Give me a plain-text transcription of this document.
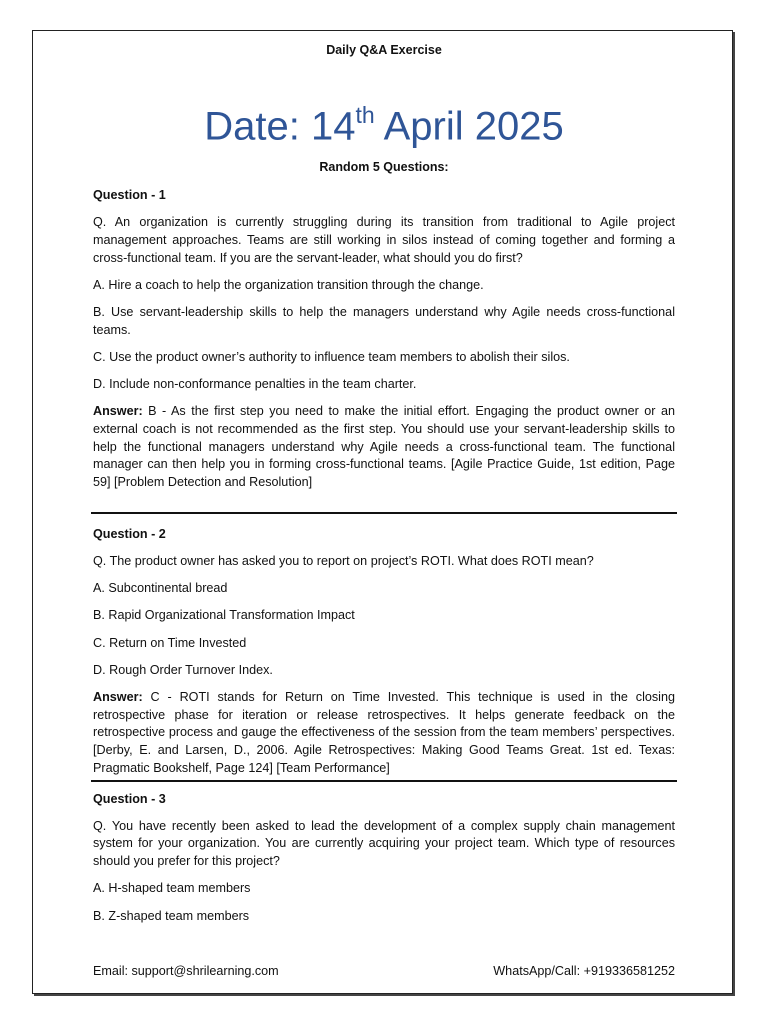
Daily Q&A Exercise
Date: 14th April 2025
Random 5 Questions:
Question - 1

Q. An organization is currently struggling during its transition from traditional to Agile project management approaches. Teams are still working in silos instead of coming together and forming a cross-functional team. If you are the servant-leader, what should you do first?

A. Hire a coach to help the organization transition through the change.

B. Use servant-leadership skills to help the managers understand why Agile needs cross-functional teams.

C. Use the product owner’s authority to influence team members to abolish their silos.

D. Include non-conformance penalties in the team charter.

Answer: B - As the first step you need to make the initial effort. Engaging the product owner or an external coach is not recommended as the first step. You should use your servant-leadership skills to help the functional managers understand why Agile needs a cross-functional team. The functional manager can then help you in forming cross-functional teams. [Agile Practice Guide, 1st edition, Page 59] [Problem Detection and Resolution]

Question - 2

Q. The product owner has asked you to report on project’s ROTI. What does ROTI mean?

A. Subcontinental bread

B. Rapid Organizational Transformation Impact

C. Return on Time Invested

D. Rough Order Turnover Index.

Answer: C - ROTI stands for Return on Time Invested. This technique is used in the closing retrospective phase for iteration or release retrospectives. It helps generate feedback on the retrospective process and gauge the effectiveness of the session from the team members’ perspectives. [Derby, E. and Larsen, D., 2006. Agile Retrospectives: Making Good Teams Great. 1st ed. Texas: Pragmatic Bookshelf, Page 124] [Team Performance]

Question - 3

Q. You have recently been asked to lead the development of a complex supply chain management system for your organization. You are currently acquiring your project team. Which type of resources should you prefer for this project?

A. H-shaped team members

B. Z-shaped team members

Email: support@shrilearning.com	WhatsApp/Call: +919336581252
